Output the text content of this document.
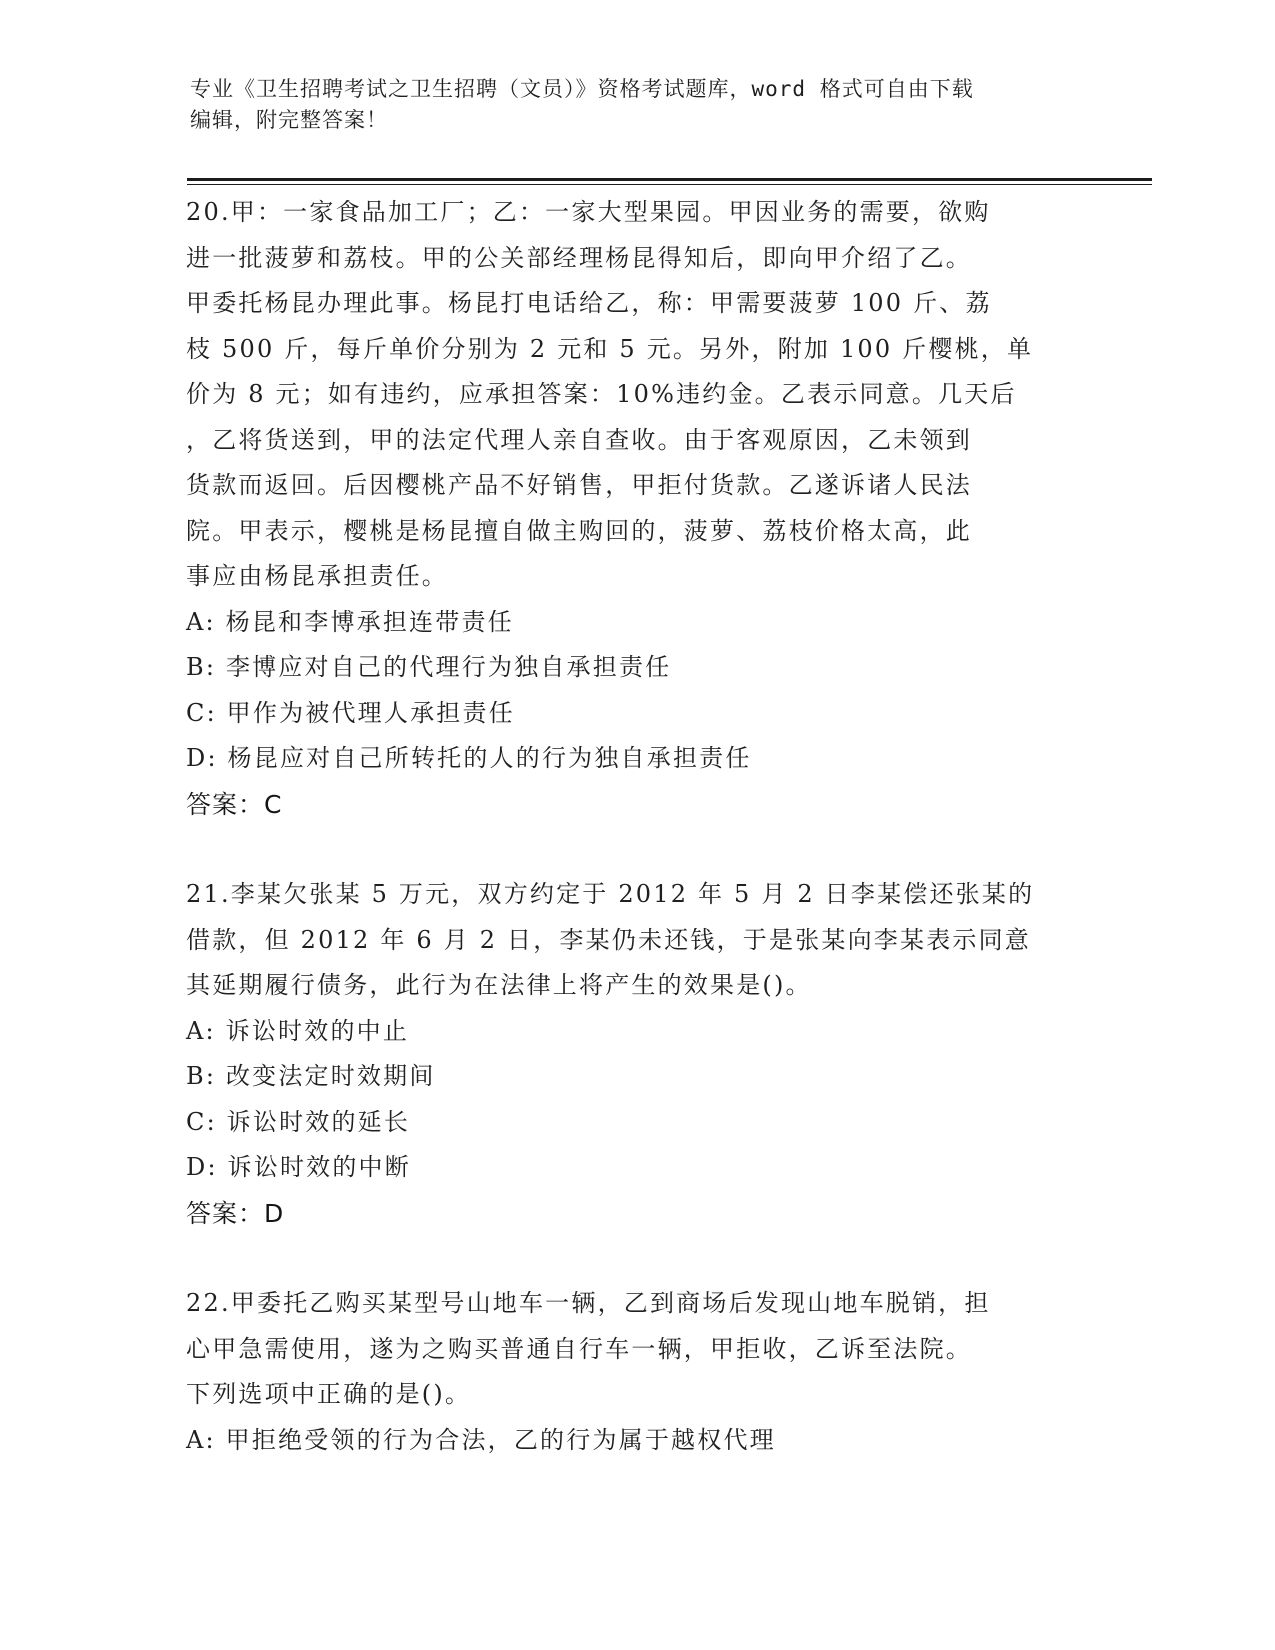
专业《卫生招聘考试之卫生招聘（文员）》资格考试题库，word 格式可自由下载
编辑，附完整答案！
20.甲：一家食品加工厂；乙：一家大型果园。甲因业务的需要，欲购
进一批菠萝和荔枝。甲的公关部经理杨昆得知后，即向甲介绍了乙。
甲委托杨昆办理此事。杨昆打电话给乙，称：甲需要菠萝 100 斤、荔
枝 500 斤，每斤单价分别为 2 元和 5 元。另外，附加 100 斤樱桃，单
价为 8 元；如有违约，应承担答案：10%违约金。乙表示同意。几天后
，乙将货送到，甲的法定代理人亲自查收。由于客观原因，乙未领到
货款而返回。后因樱桃产品不好销售，甲拒付货款。乙遂诉诸人民法
院。甲表示，樱桃是杨昆擅自做主购回的，菠萝、荔枝价格太高，此
事应由杨昆承担责任。
A: 杨昆和李博承担连带责任
B: 李博应对自己的代理行为独自承担责任
C: 甲作为被代理人承担责任
D: 杨昆应对自己所转托的人的行为独自承担责任
答案：C
21.李某欠张某 5 万元，双方约定于 2012 年 5 月 2 日李某偿还张某的
借款，但 2012 年 6 月 2 日，李某仍未还钱，于是张某向李某表示同意
其延期履行债务，此行为在法律上将产生的效果是()。
A: 诉讼时效的中止
B: 改变法定时效期间
C: 诉讼时效的延长
D: 诉讼时效的中断
答案：D
22.甲委托乙购买某型号山地车一辆，乙到商场后发现山地车脱销，担
心甲急需使用，遂为之购买普通自行车一辆，甲拒收，乙诉至法院。
下列选项中正确的是()。
A: 甲拒绝受领的行为合法，乙的行为属于越权代理
